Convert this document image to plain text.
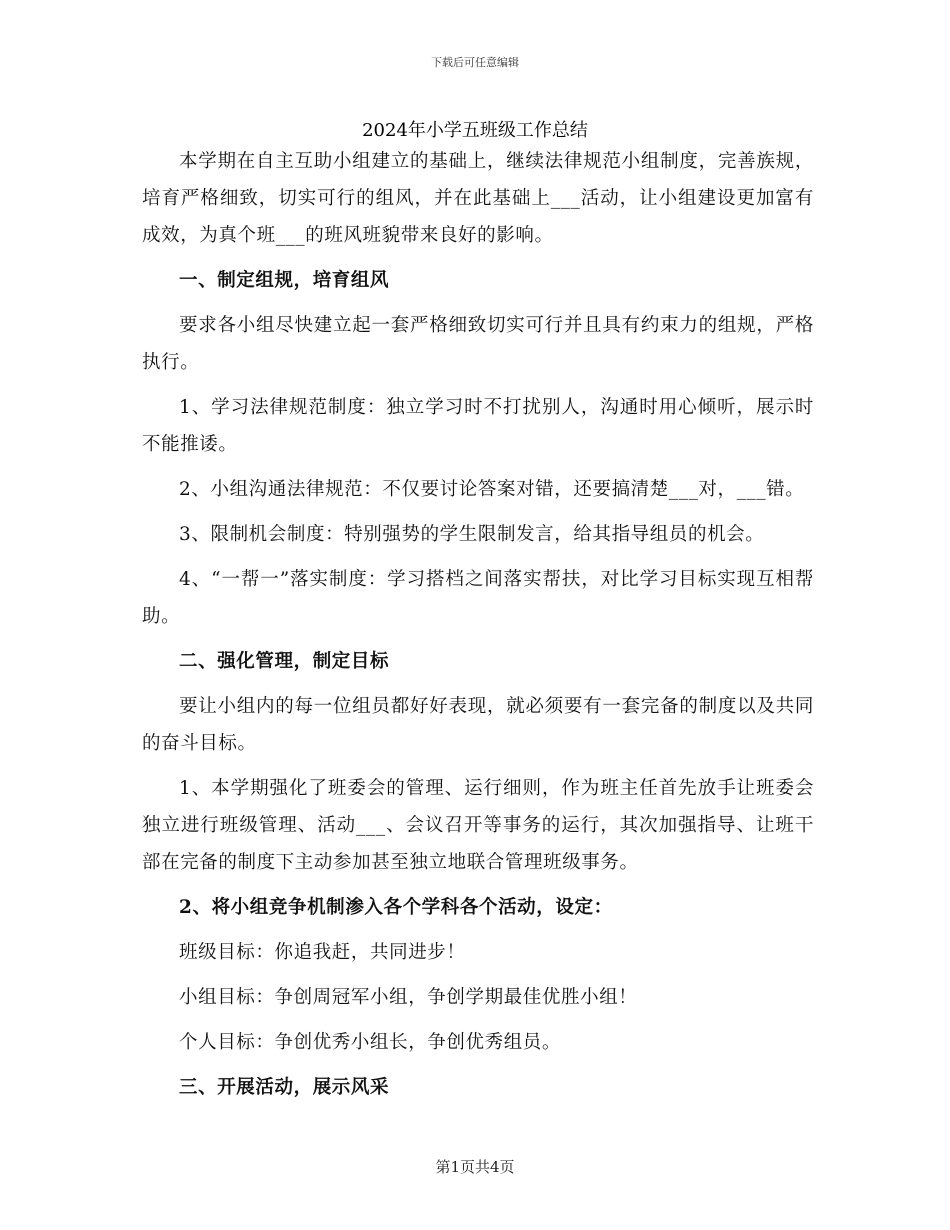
下载后可任意编辑
2024年小学五班级工作总结

本学期在自主互助小组建立的基础上，继续法律规范小组制度，完善族规，培育严格细致，切实可行的组风，并在此基础上___活动，让小组建设更加富有成效，为真个班___的班风班貌带来良好的影响。

一、制定组规，培育组风

要求各小组尽快建立起一套严格细致切实可行并且具有约束力的组规，严格执行。

1、学习法律规范制度：独立学习时不打扰别人，沟通时用心倾听，展示时不能推诿。

2、小组沟通法律规范：不仅要讨论答案对错，还要搞清楚___对，___错。

3、限制机会制度：特别强势的学生限制发言，给其指导组员的机会。

4、“一帮一”落实制度：学习搭档之间落实帮扶，对比学习目标实现互相帮助。

二、强化管理，制定目标

要让小组内的每一位组员都好好表现，就必须要有一套完备的制度以及共同的奋斗目标。

1、本学期强化了班委会的管理、运行细则，作为班主任首先放手让班委会独立进行班级管理、活动___、会议召开等事务的运行，其次加强指导、让班干部在完备的制度下主动参加甚至独立地联合管理班级事务。

2、将小组竞争机制渗入各个学科各个活动，设定：

班级目标：你追我赶，共同进步！

小组目标：争创周冠军小组，争创学期最佳优胜小组！

个人目标：争创优秀小组长，争创优秀组员。

三、开展活动，展示风采

第1页共4页
